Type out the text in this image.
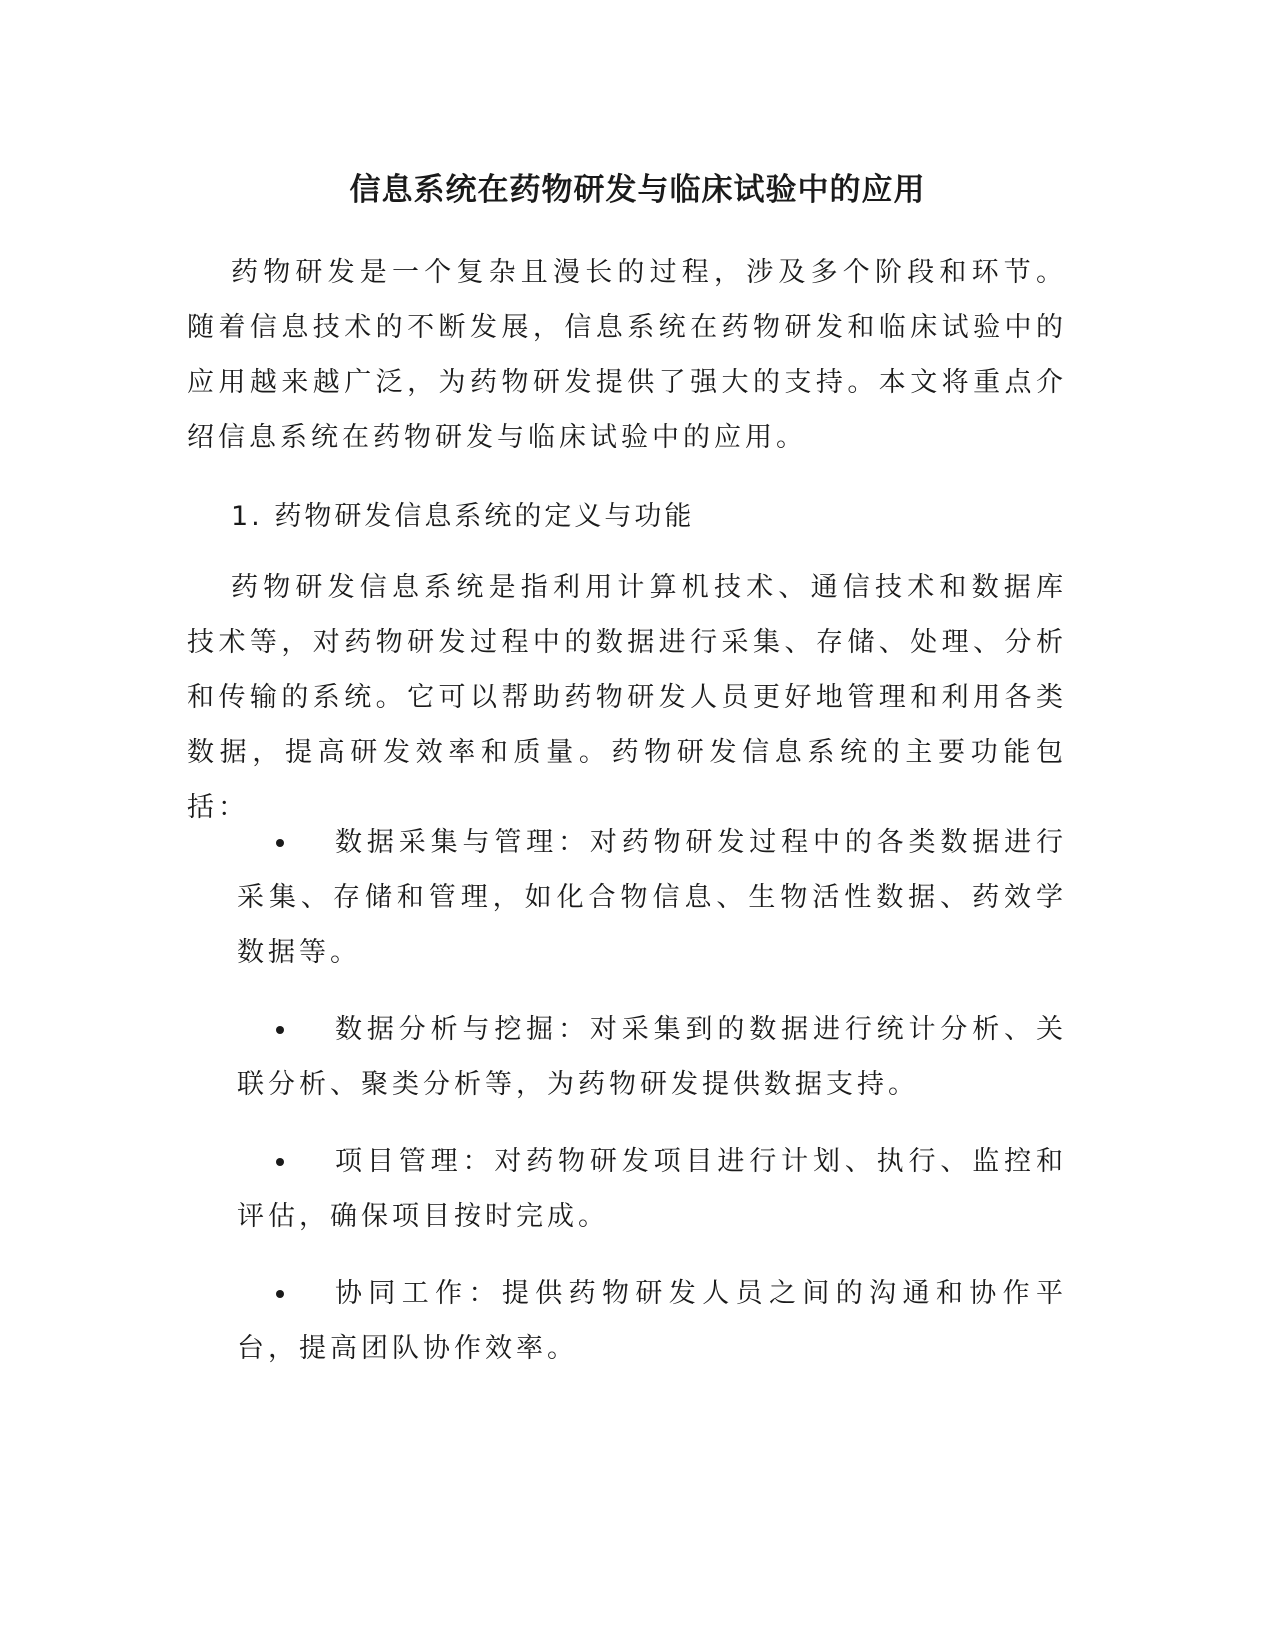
信息系统在药物研发与临床试验中的应用

药物研发是一个复杂且漫长的过程，涉及多个阶段和环节。随着信息技术的不断发展，信息系统在药物研发和临床试验中的应用越来越广泛，为药物研发提供了强大的支持。本文将重点介绍信息系统在药物研发与临床试验中的应用。

1. 药物研发信息系统的定义与功能

药物研发信息系统是指利用计算机技术、通信技术和数据库技术等，对药物研发过程中的数据进行采集、存储、处理、分析和传输的系统。它可以帮助药物研发人员更好地管理和利用各类数据，提高研发效率和质量。药物研发信息系统的主要功能包括：

数据采集与管理：对药物研发过程中的各类数据进行采集、存储和管理，如化合物信息、生物活性数据、药效学数据等。
数据分析与挖掘：对采集到的数据进行统计分析、关联分析、聚类分析等，为药物研发提供数据支持。
项目管理：对药物研发项目进行计划、执行、监控和评估，确保项目按时完成。
协同工作：提供药物研发人员之间的沟通和协作平台，提高团队协作效率。
